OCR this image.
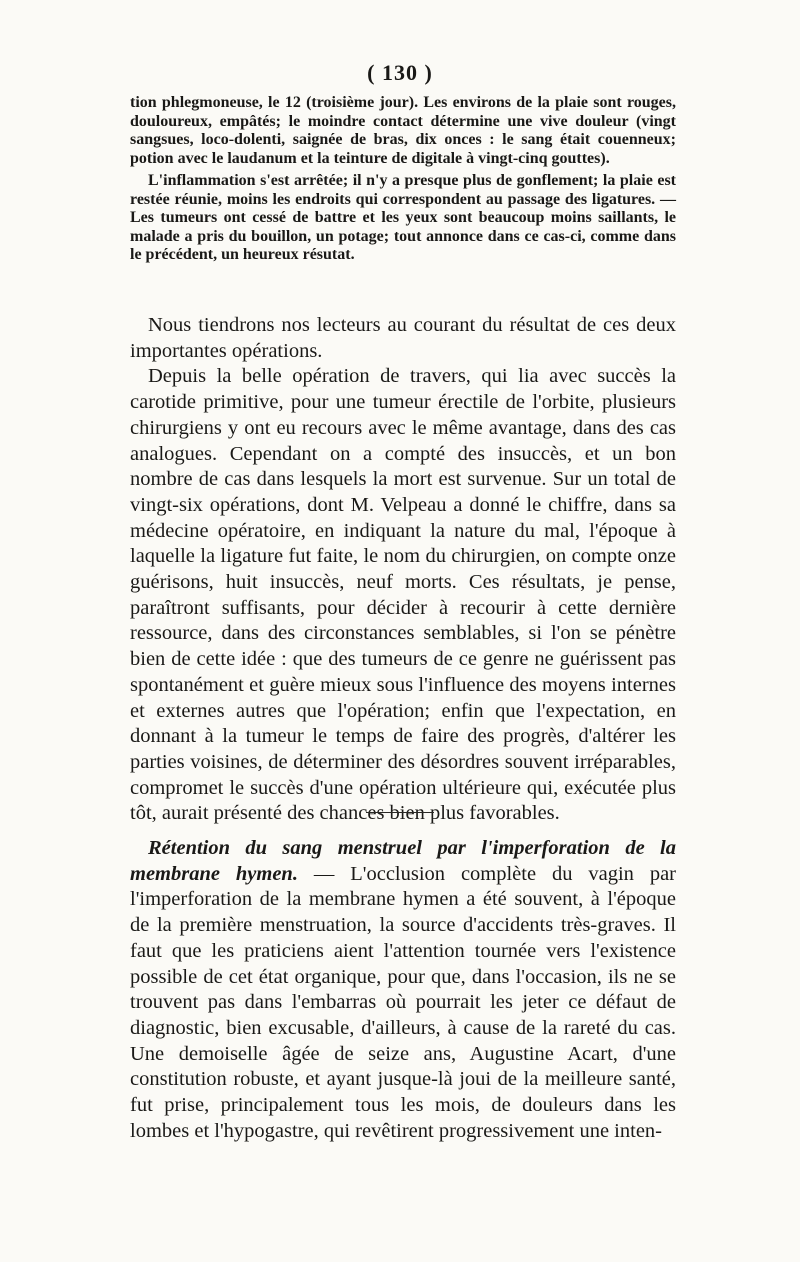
( 130 )

tion phlegmoneuse, le 12 (troisième jour). Les environs de la plaie sont rouges, douloureux, empâtés; le moindre contact détermine une vive douleur (vingt sangsues, loco-dolenti, saignée de bras, dix onces : le sang était couenneux; potion avec le laudanum et la teinture de digitale à vingt-cinq gouttes).

L'inflammation s'est arrêtée; il n'y a presque plus de gonflement; la plaie est restée réunie, moins les endroits qui correspondent au passage des ligatures. — Les tumeurs ont cessé de battre et les yeux sont beaucoup moins saillants, le malade a pris du bouillon, un potage; tout annonce dans ce cas-ci, comme dans le précédent, un heureux résutat.

Nous tiendrons nos lecteurs au courant du résultat de ces deux importantes opérations.

Depuis la belle opération de travers, qui lia avec succès la carotide primitive, pour une tumeur érectile de l'orbite, plusieurs chirurgiens y ont eu recours avec le même avantage, dans des cas analogues. Cependant on a compté des insuccès, et un bon nombre de cas dans lesquels la mort est survenue. Sur un total de vingt-six opérations, dont M. Velpeau a donné le chiffre, dans sa médecine opératoire, en indiquant la nature du mal, l'époque à laquelle la ligature fut faite, le nom du chirurgien, on compte onze guérisons, huit insuccès, neuf morts. Ces résultats, je pense, paraîtront suffisants, pour décider à recourir à cette dernière ressource, dans des circonstances semblables, si l'on se pénètre bien de cette idée : que des tumeurs de ce genre ne guérissent pas spontanément et guère mieux sous l'influence des moyens internes et externes autres que l'opération; enfin que l'expectation, en donnant à la tumeur le temps de faire des progrès, d'altérer les parties voisines, de déterminer des désordres souvent irréparables, compromet le succès d'une opération ultérieure qui, exécutée plus tôt, aurait présenté des chances bien plus favorables.

Rétention du sang menstruel par l'imperforation de la membrane hymen. — L'occlusion complète du vagin par l'imperforation de la membrane hymen a été souvent, à l'époque de la première menstruation, la source d'accidents très-graves. Il faut que les praticiens aient l'attention tournée vers l'existence possible de cet état organique, pour que, dans l'occasion, ils ne se trouvent pas dans l'embarras où pourrait les jeter ce défaut de diagnostic, bien excusable, d'ailleurs, à cause de la rareté du cas. Une demoiselle âgée de seize ans, Augustine Acart, d'une constitution robuste, et ayant jusque-là joui de la meilleure santé, fut prise, principalement tous les mois, de douleurs dans les lombes et l'hypogastre, qui revêtirent progressivement une inten-
